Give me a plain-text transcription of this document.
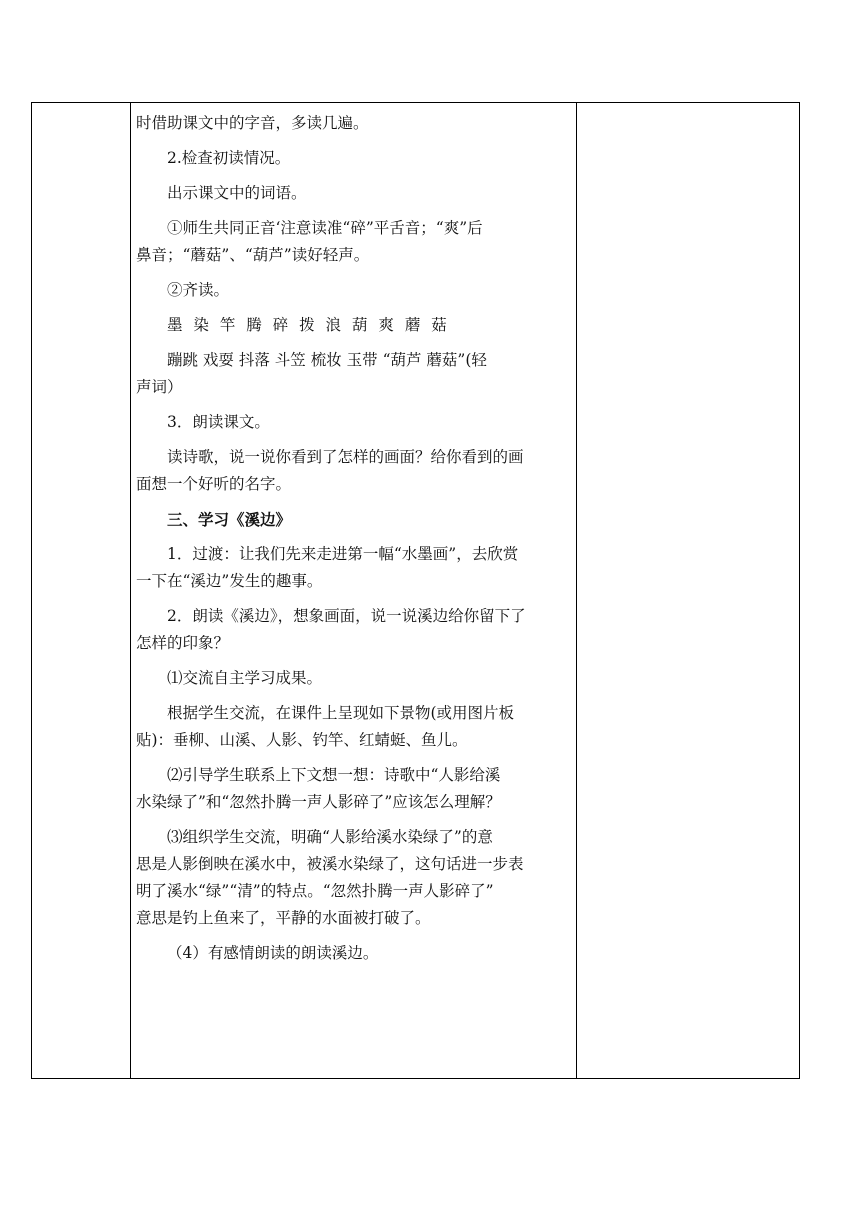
时借助课文中的字音，多读几遍。
2.检查初读情况。
出示课文中的词语。
①师生共同正音‘注意读准“碎”平舌音；“爽”后
鼻音；“蘑菇”、“葫芦”读好轻声。
②齐读。
墨 染 竿 腾 碎 拨 浪 葫 爽 蘑 菇
蹦跳 戏耍 抖落 斗笠 梳妆 玉带 “葫芦 蘑菇”(轻
声词）
3．朗读课文。
读诗歌，说一说你看到了怎样的画面？给你看到的画
面想一个好听的名字。
三、学习《溪边》
1．过渡：让我们先来走进第一幅“水墨画”，去欣赏
一下在“溪边”发生的趣事。
2．朗读《溪边》，想象画面，说一说溪边给你留下了
怎样的印象？
⑴交流自主学习成果。
根据学生交流，在课件上呈现如下景物(或用图片板
贴)：垂柳、山溪、人影、钓竿、红蜻蜓、鱼儿。
⑵引导学生联系上下文想一想：诗歌中“人影给溪
水染绿了”和“忽然扑腾一声人影碎了”应该怎么理解？
⑶组织学生交流，明确“人影给溪水染绿了”的意
思是人影倒映在溪水中，被溪水染绿了，这句话进一步表
明了溪水“绿”“清”的特点。“忽然扑腾一声人影碎了”
意思是钓上鱼来了，平静的水面被打破了。
（4）有感情朗读的朗读溪边。
